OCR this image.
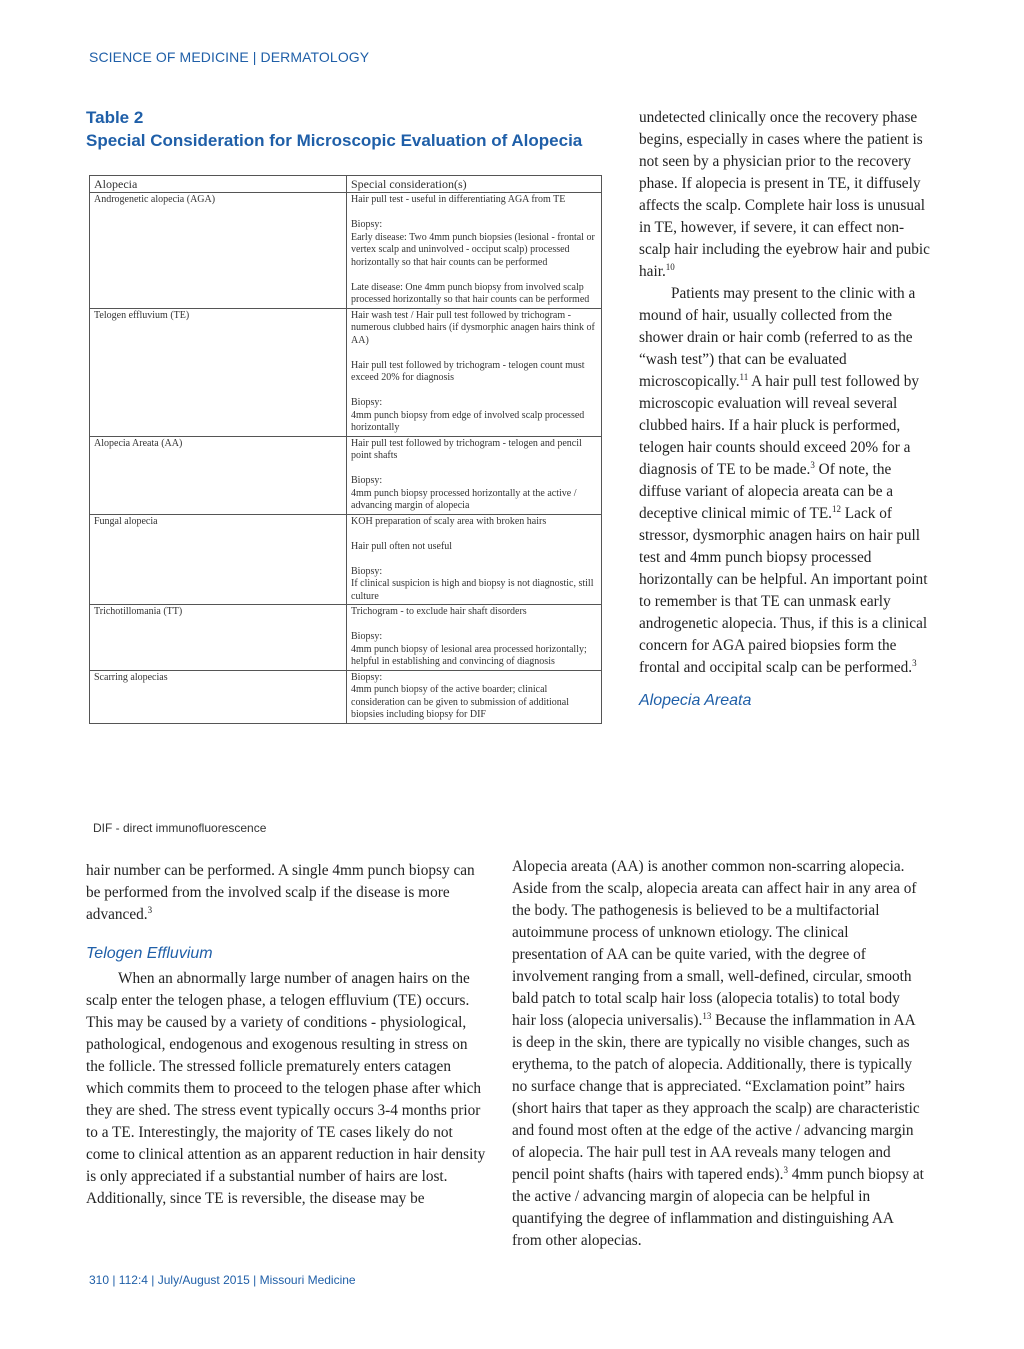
SCIENCE OF MEDICINE | DERMATOLOGY
Table 2
Special Consideration for Microscopic Evaluation of Alopecia
Alopecia	Special consideration(s)
Androgenetic alopecia (AGA)	Hair pull test - useful in differentiating AGA from TE

Biopsy:
Early disease: Two 4mm punch biopsies (lesional - frontal or vertex scalp and uninvolved - occiput scalp) processed horizontally so that hair counts can be performed

Late disease: One 4mm punch biopsy from involved scalp processed horizontally so that hair counts can be performed

Telogen effluvium (TE)	Hair wash test / Hair pull test followed by trichogram - numerous clubbed hairs (if dysmorphic anagen hairs think of AA)

Hair pull test followed by trichogram - telogen count must exceed 20% for diagnosis

Biopsy:
4mm punch biopsy from edge of involved scalp processed horizontally

Alopecia Areata (AA)	Hair pull test followed by trichogram - telogen and pencil point shafts

Biopsy:
4mm punch biopsy processed horizontally at the active / advancing margin of alopecia

Fungal alopecia	KOH preparation of scaly area with broken hairs

Hair pull often not useful

Biopsy:
If clinical suspicion is high and biopsy is not diagnostic, still culture

Trichotillomania (TT)	Trichogram - to exclude hair shaft disorders

Biopsy:
4mm punch biopsy of lesional area processed horizontally; helpful in establishing and convincing of diagnosis

Scarring alopecias	Biopsy:
4mm punch biopsy of the active boarder; clinical consideration can be given to submission of additional biopsies including biopsy for DIF
DIF - direct immunofluorescence

undetected clinically once the recovery phase begins, especially in cases where the patient is not seen by a physician prior to the recovery phase. If alopecia is present in TE, it diffusely affects the scalp. Complete hair loss is unusual in TE, however, if severe, it can effect non-scalp hair including the eyebrow hair and pubic hair.$^{10}$

Patients may present to the clinic with a mound of hair, usually collected from the shower drain or hair comb (referred to as the “wash test”) that can be evaluated microscopically.$^{11}$ A hair pull test followed by microscopic evaluation will reveal several clubbed hairs. If a hair pluck is performed, telogen hair counts should exceed 20% for a diagnosis of TE to be made.$^3$ Of note, the diffuse variant of alopecia areata can be a deceptive clinical mimic of TE.$^{12}$ Lack of stressor, dysmorphic anagen hairs on hair pull test and 4mm punch biopsy processed horizontally can be helpful. An important point to remember is that TE can unmask early androgenetic alopecia. Thus, if this is a clinical concern for AGA paired biopsies form the frontal and occipital scalp can be performed.$^3$

Alopecia Areata

hair number can be performed. A single 4mm punch biopsy can be performed from the involved scalp if the disease is more advanced.$^3$

Telogen Effluvium

When an abnormally large number of anagen hairs on the scalp enter the telogen phase, a telogen effluvium (TE) occurs. This may be caused by a variety of conditions - physiological, pathological, endogenous and exogenous resulting in stress on the follicle. The stressed follicle prematurely enters catagen which commits them to proceed to the telogen phase after which they are shed. The stress event typically occurs 3-4 months prior to a TE. Interestingly, the majority of TE cases likely do not come to clinical attention as an apparent reduction in hair density is only appreciated if a substantial number of hairs are lost. Additionally, since TE is reversible, the disease may be

Alopecia areata (AA) is another common non-scarring alopecia. Aside from the scalp, alopecia areata can affect hair in any area of the body. The pathogenesis is believed to be a multifactorial autoimmune process of unknown etiology. The clinical presentation of AA can be quite varied, with the degree of involvement ranging from a small, well-defined, circular, smooth bald patch to total scalp hair loss (alopecia totalis) to total body hair loss (alopecia universalis).$^{13}$ Because the inflammation in AA is deep in the skin, there are typically no visible changes, such as erythema, to the patch of alopecia. Additionally, there is typically no surface change that is appreciated. “Exclamation point” hairs (short hairs that taper as they approach the scalp) are characteristic and found most often at the edge of the active / advancing margin of alopecia. The hair pull test in AA reveals many telogen and pencil point shafts (hairs with tapered ends).$^3$ 4mm punch biopsy at the active / advancing margin of alopecia can be helpful in quantifying the degree of inflammation and distinguishing AA from other alopecias.

310 | 112:4 | July/August 2015 | Missouri Medicine
